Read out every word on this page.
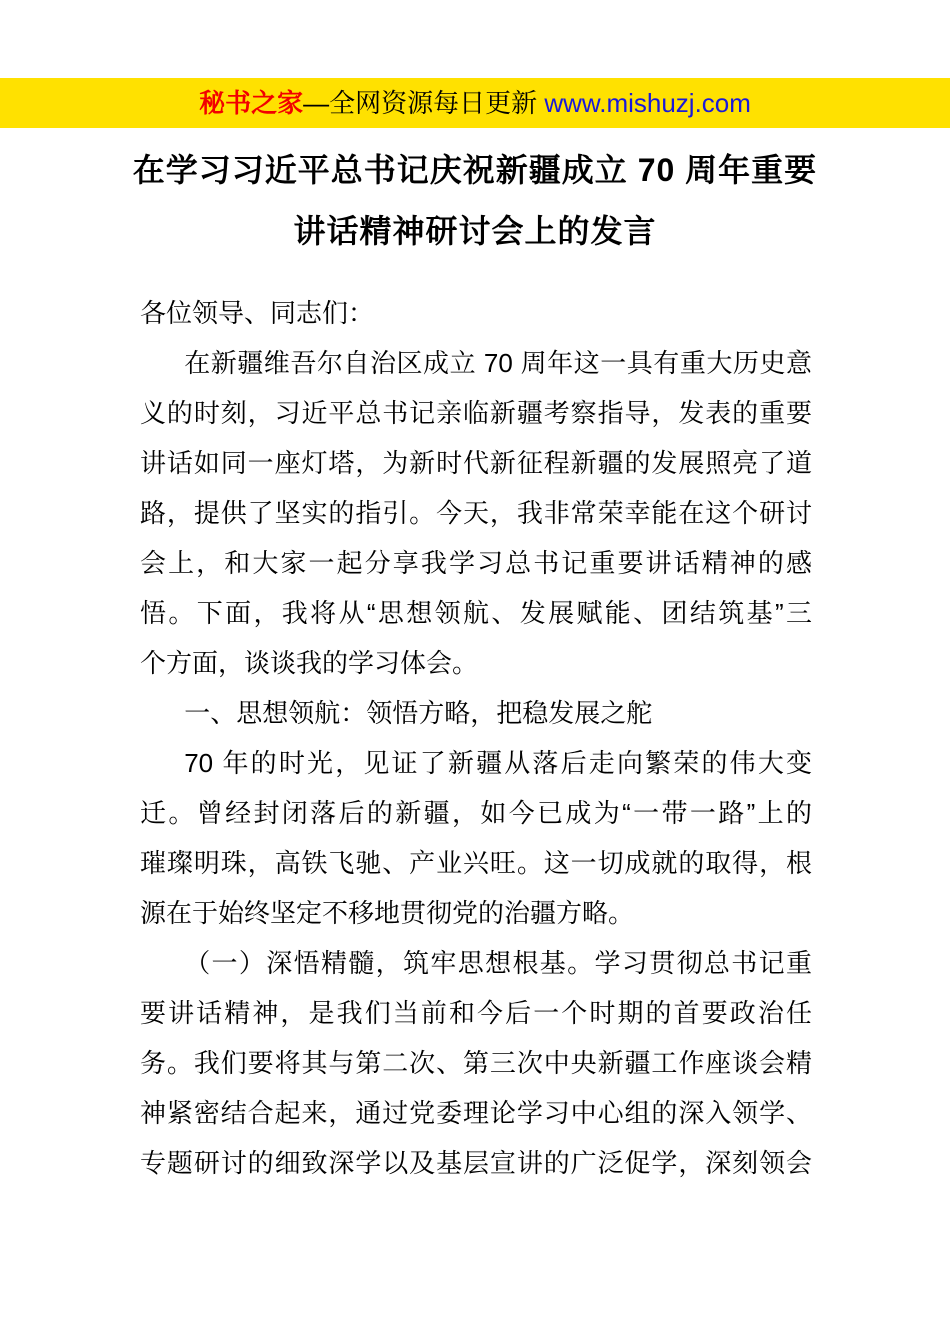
秘书之家—全网资源每日更新 www.mishuzj.com
在学习习近平总书记庆祝新疆成立 70 周年重要
讲话精神研讨会上的发言
各位领导、同志们：
在新疆维吾尔自治区成立 70 周年这一具有重大历史意
义的时刻，习近平总书记亲临新疆考察指导，发表的重要
讲话如同一座灯塔，为新时代新征程新疆的发展照亮了道
路，提供了坚实的指引。今天，我非常荣幸能在这个研讨
会上，和大家一起分享我学习总书记重要讲话精神的感
悟。下面，我将从“思想领航、发展赋能、团结筑基”三
个方面，谈谈我的学习体会。
一、思想领航：领悟方略，把稳发展之舵
70 年的时光，见证了新疆从落后走向繁荣的伟大变
迁。曾经封闭落后的新疆，如今已成为“一带一路”上的
璀璨明珠，高铁飞驰、产业兴旺。这一切成就的取得，根
源在于始终坚定不移地贯彻党的治疆方略。
（一）深悟精髓，筑牢思想根基。学习贯彻总书记重
要讲话精神，是我们当前和今后一个时期的首要政治任
务。我们要将其与第二次、第三次中央新疆工作座谈会精
神紧密结合起来，通过党委理论学习中心组的深入领学、
专题研讨的细致深学以及基层宣讲的广泛促学，深刻领会
